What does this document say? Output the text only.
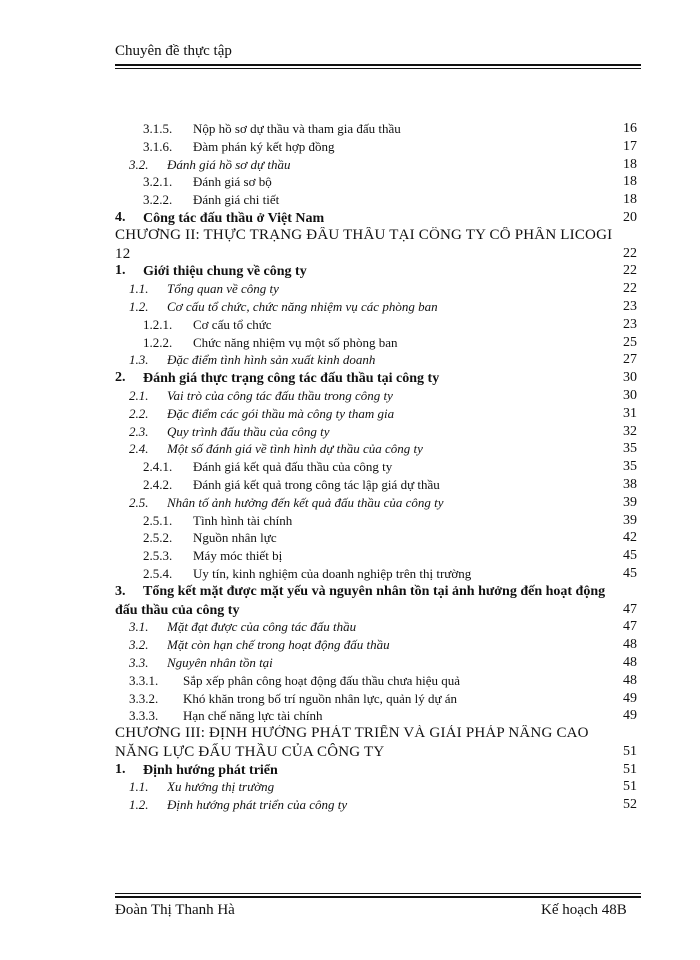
Chuyên đề thực tập
3.1.5. Nộp hồ sơ dự thầu và tham gia đấu thầu	16
3.1.6. Đàm phán ký kết hợp đồng	17
3.2. Đánh giá hồ sơ dự thầu	18
3.2.1. Đánh giá sơ bộ	18
3.2.2. Đánh giá chi tiết	18
4. Công tác đấu thầu ở Việt Nam	20
CHƯƠNG II: THỰC TRẠNG ĐẤU THẦU TẠI CÔNG TY CỔ PHẦN LICOGI
12	22
1. Giới thiệu chung về công ty	22
1.1. Tổng quan về công ty	22
1.2. Cơ cấu tổ chức, chức năng nhiệm vụ các phòng ban	23
1.2.1. Cơ cấu tổ chức	23
1.2.2. Chức năng nhiệm vụ một số phòng ban	25
1.3. Đặc điểm tình hình sản xuất kinh doanh	27
2. Đánh giá thực trạng công tác đấu thầu tại công ty	30
2.1. Vai trò của công tác đấu thầu trong công ty	30
2.2. Đặc điểm các gói thầu mà công ty tham gia	31
2.3. Quy trình đấu thầu của công ty	32
2.4. Một số đánh giá về tình hình dự thầu của công ty	35
2.4.1. Đánh giá kết quả đấu thầu của công ty	35
2.4.2. Đánh giá kết quả trong công tác lập giá dự thầu	38
2.5. Nhân tố ảnh hưởng đến kết quả đấu thầu của công ty	39
2.5.1. Tình hình tài chính	39
2.5.2. Nguồn nhân lực	42
2.5.3. Máy móc thiết bị	45
2.5.4. Uy tín, kinh nghiệm của doanh nghiệp trên thị trường	45
3. Tổng kết mặt được mặt yếu và nguyên nhân tồn tại ảnh hưởng đến hoạt động
đấu thầu của công ty	47
3.1. Mặt đạt được của công tác đấu thầu	47
3.2. Mặt còn hạn chế trong hoạt động đấu thầu	48
3.3. Nguyên nhân tồn tại	48
3.3.1. Sắp xếp phân công hoạt động đấu thầu chưa hiệu quả	48
3.3.2. Khó khăn trong bố trí nguồn nhân lực, quản lý dự án	49
3.3.3. Hạn chế năng lực tài chính	49
CHƯƠNG III: ĐỊNH HƯỚNG PHÁT TRIỂN VÀ GIẢI PHÁP NÂNG CAO
NĂNG LỰC ĐẤU THẦU CỦA CÔNG TY	51
1. Định hướng phát triển	51
1.1. Xu hướng thị trường	51
1.2. Định hướng phát triển của công ty	52
Đoàn Thị Thanh Hà	Kế hoạch 48B
